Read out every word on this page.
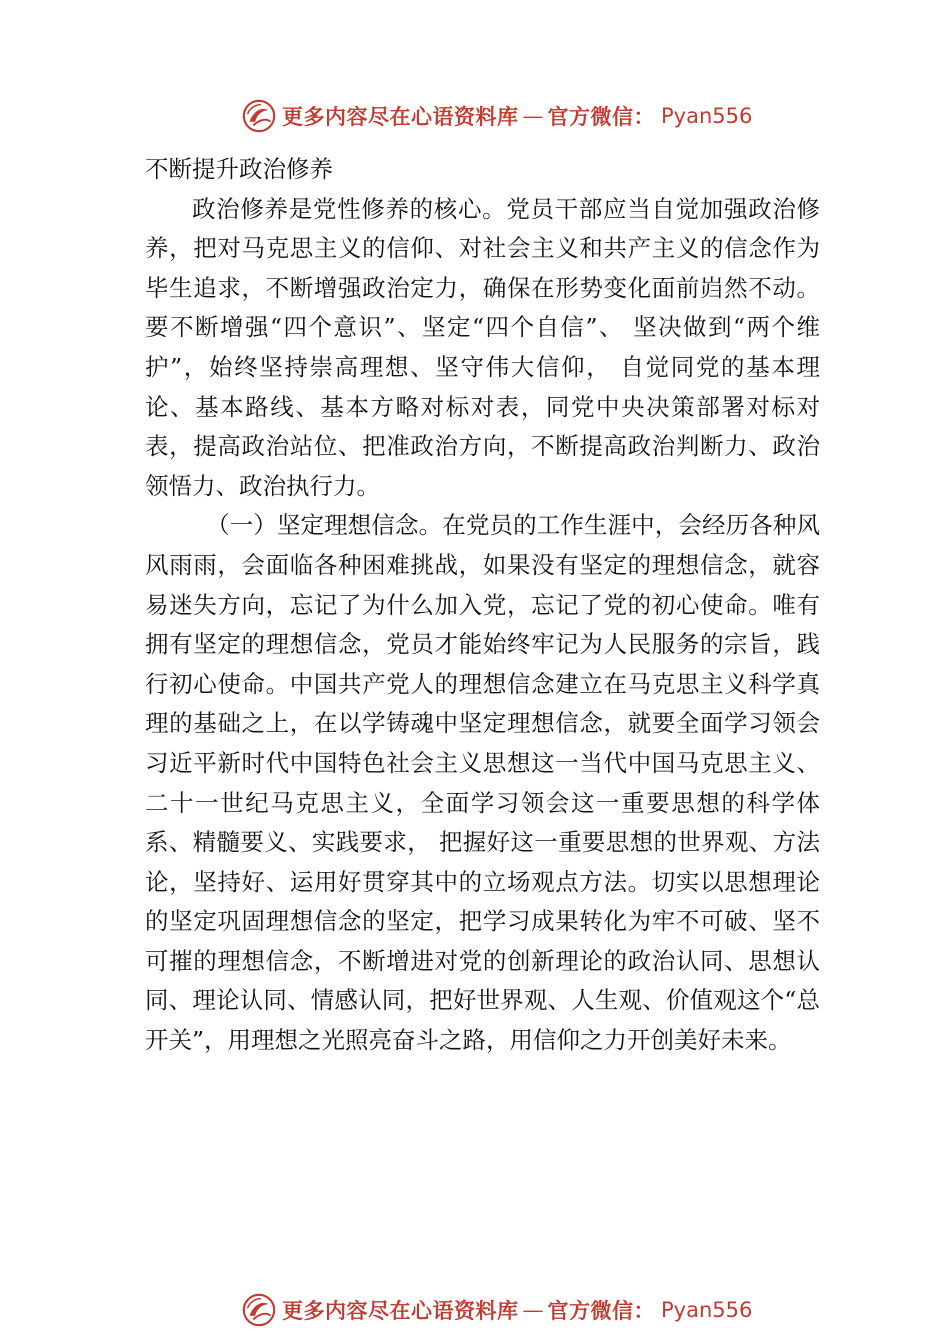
更多内容尽在心语资料库 — 官方微信： Pyan556
不断提升政治修养

政治修养是党性修养的核心。党员干部应当自觉加强政治修养，把对马克思主义的信仰、对社会主义和共产主义的信念作为毕生追求，不断增强政治定力，确保在形势变化面前岿然不动。要不断增强“四个意识”、坚定“四个自信”、 坚决做到“两个维护”，始终坚持崇高理想、坚守伟大信仰， 自觉同党的基本理论、基本路线、基本方略对标对表，同党中央决策部署对标对表，提高政治站位、把准政治方向，不断提高政治判断力、政治领悟力、政治执行力。

（一）坚定理想信念。在党员的工作生涯中，会经历各种风风雨雨，会面临各种困难挑战，如果没有坚定的理想信念，就容易迷失方向，忘记了为什么加入党，忘记了党的初心使命。唯有拥有坚定的理想信念，党员才能始终牢记为人民服务的宗旨，践行初心使命。中国共产党人的理想信念建立在马克思主义科学真理的基础之上，在以学铸魂中坚定理想信念，就要全面学习领会习近平新时代中国特色社会主义思想这一当代中国马克思主义、二十一世纪马克思主义，全面学习领会这一重要思想的科学体系、精髓要义、实践要求， 把握好这一重要思想的世界观、方法论，坚持好、运用好贯穿其中的立场观点方法。切实以思想理论的坚定巩固理想信念的坚定，把学习成果转化为牢不可破、坚不可摧的理想信念，不断增进对党的创新理论的政治认同、思想认同、理论认同、情感认同，把好世界观、人生观、价值观这个“总开关”，用理想之光照亮奋斗之路，用信仰之力开创美好未来。

更多内容尽在心语资料库 — 官方微信： Pyan556
